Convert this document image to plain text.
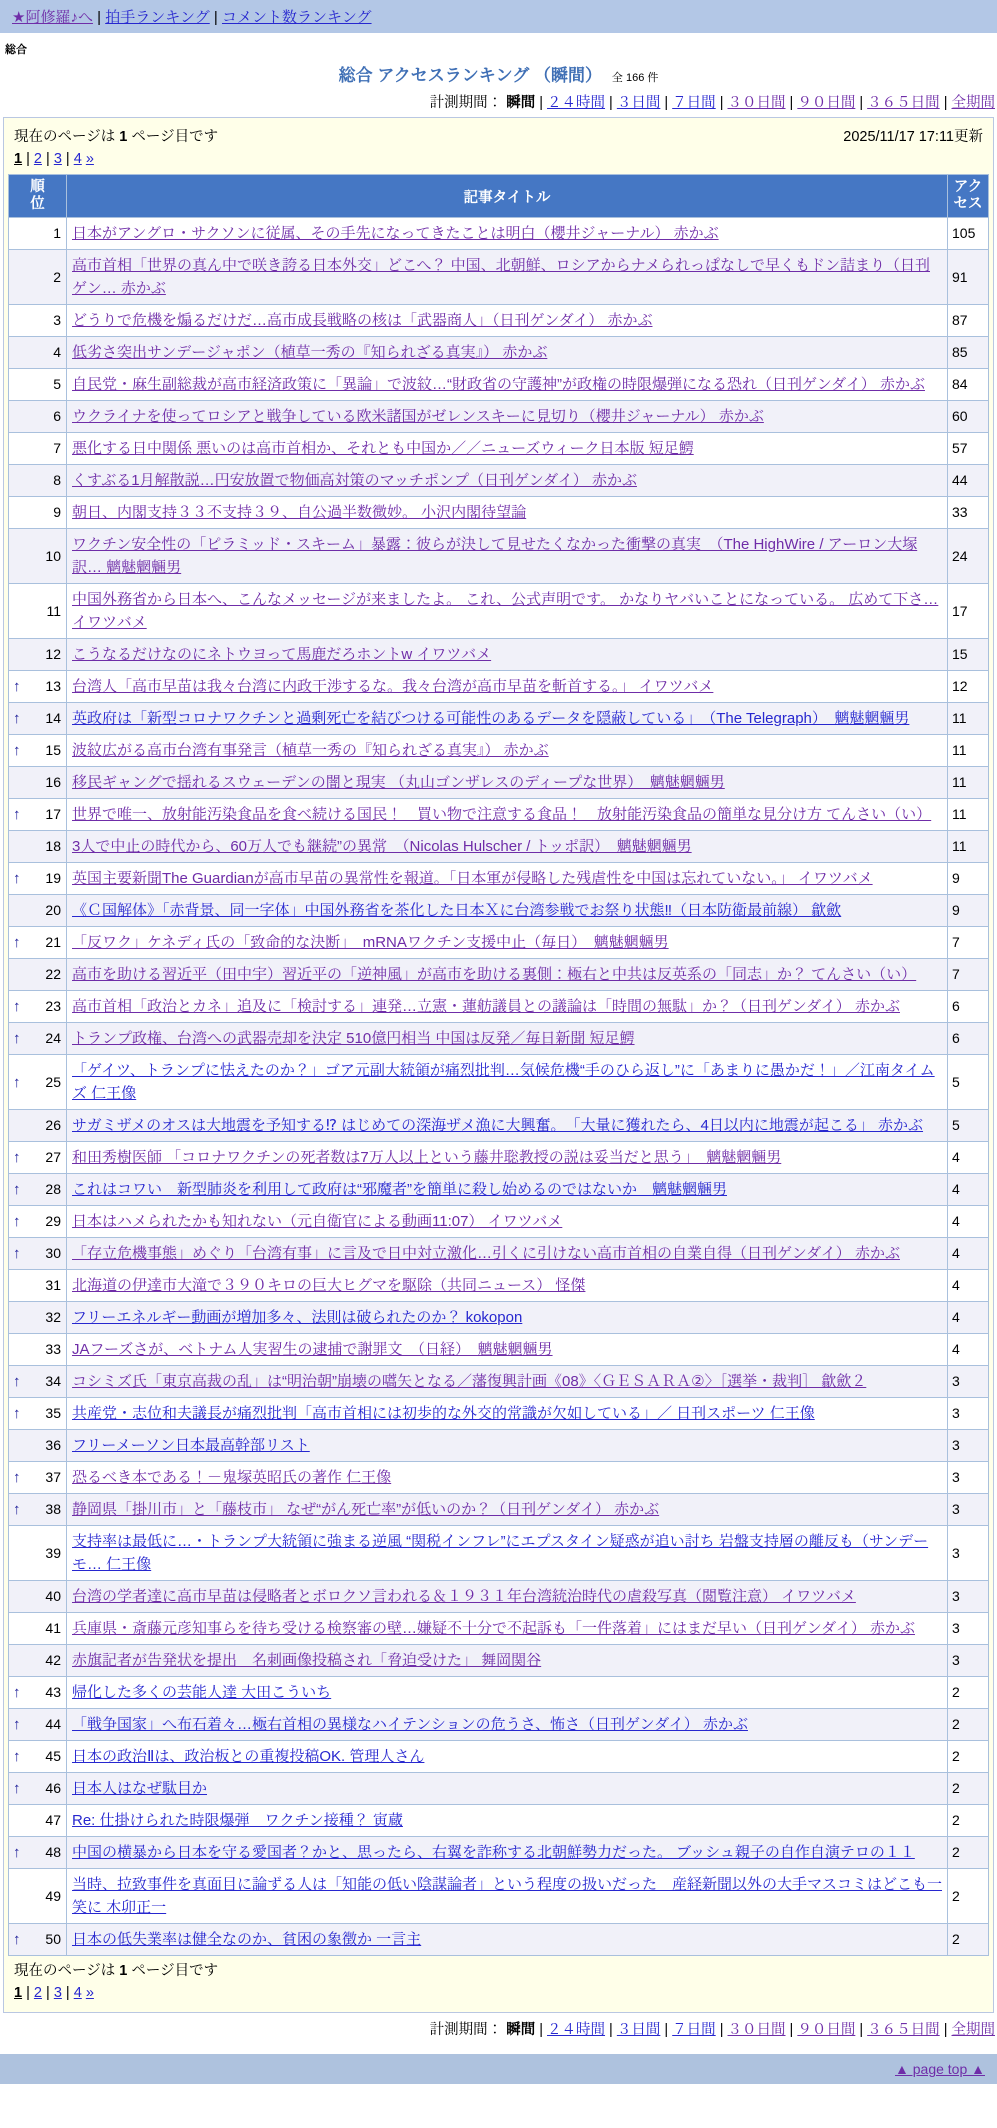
★阿修羅♪へ | 拍手ランキング | コメント数ランキング
総合
総合 アクセスランキング （瞬間） 全 166 件
計測期間： 瞬間 | ２４時間 | ３日間 | ７日間 | ３０日間 | ９０日間 | ３６５日間 | 全期間
現在のページは 1 ページ目です	2025/11/17 17:11更新
1 | 2 | 3 | 4 »
順位	記事タイトル	アクセス
1	日本がアングロ・サクソンに従属、その手先になってきたことは明白（櫻井ジャーナル） 赤かぶ	105
2	高市首相「世界の真ん中で咲き誇る日本外交」どこへ？ 中国、北朝鮮、ロシアからナメられっぱなしで早くもドン詰まり（日刊ゲン… 赤かぶ	91
3	どうりで危機を煽るだけだ…高市成長戦略の核は「武器商人」（日刊ゲンダイ） 赤かぶ	87
4	低劣さ突出サンデージャポン（植草一秀の『知られざる真実』） 赤かぶ	85
5	自民党・麻生副総裁が高市経済政策に「異論」で波紋…“財政省の守護神”が政権の時限爆弾になる恐れ（日刊ゲンダイ） 赤かぶ	84
6	ウクライナを使ってロシアと戦争している欧米諸国がゼレンスキーに見切り（櫻井ジャーナル） 赤かぶ	60
7	悪化する日中関係 悪いのは高市首相か、それとも中国か／／ニューズウィーク日本版 短足鰐	57
8	くすぶる1月解散説…円安放置で物価高対策のマッチポンプ（日刊ゲンダイ） 赤かぶ	44
9	朝日、内閣支持３３不支持３９、自公過半数微妙。 小沢内閣待望論	33
10	ワクチン安全性の「ピラミッド・スキーム」暴露：彼らが決して見せたくなかった衝撃の真実　（The HighWire / アーロン大塚訳… 魑魅魍魎男	24
11	中国外務省から日本へ、こんなメッセージが来ましたよ。 これ、公式声明です。 かなりヤバいことになっている。 広めて下さ… イワツバメ	17
12	こうなるだけなのにネトウヨって馬鹿だろホントw イワツバメ	15

↑ 13	台湾人「高市早苗は我々台湾に内政干渉するな。我々台湾が高市早苗を斬首する。」 イワツバメ	12

↑ 14	英政府は「新型コロナワクチンと過剰死亡を結びつける可能性のあるデータを隠蔽している」　（The Telegraph）　魑魅魍魎男	11

↑ 15	波紋広がる高市台湾有事発言（植草一秀の『知られざる真実』） 赤かぶ	11
16	移民ギャングで揺れるスウェーデンの闇と現実 （丸山ゴンザレスのディープな世界）　魑魅魍魎男	11

↑ 17	世界で唯一、放射能汚染食品を食べ続ける国民！　買い物で注意する食品！　放射能汚染食品の簡単な見分け方 てんさい（い）	11
18	3人で中止の時代から、60万人でも継続”の異常　（Nicolas Hulscher / トッポ訳）　魑魅魍魎男	11

↑ 19	英国主要新聞The Guardianが高市早苗の異常性を報道。「日本軍が侵略した残虐性を中国は忘れていない。」 イワツバメ	9
20	《Ｃ国解体》「赤背景、同一字体」中国外務省を茶化した日本Ｘに台湾参戦でお祭り状態‼（日本防衛最前線） 歙歛	9

↑ 21	「反ワク」ケネディ氏の「致命的な決断」　mRNAワクチン支援中止（毎日）　魑魅魍魎男	7
22	高市を助ける習近平（田中宇）習近平の「逆神風」が高市を助ける裏側：極右と中共は反英系の「同志」か？ てんさい（い）	7

↑ 23	高市首相「政治とカネ」追及に「検討する」連発…立憲・蓮舫議員との議論は「時間の無駄」か？（日刊ゲンダイ） 赤かぶ	6

↑ 24	トランプ政権、台湾への武器売却を決定 510億円相当 中国は反発／毎日新聞 短足鰐	6

↑ 25	「ゲイツ、トランプに怯えたのか？」ゴア元副大統領が痛烈批判…気候危機“手のひら返し”に「あまりに愚かだ！」／江南タイムズ 仁王像	5
26	サガミザメのオスは大地震を予知する⁉ はじめての深海ザメ漁に大興奮。　「大量に獲れたら、4日以内に地震が起こる」 赤かぶ	5

↑ 27	和田秀樹医師 「コロナワクチンの死者数は7万人以上という藤井聡教授の説は妥当だと思う」　魑魅魍魎男	4

↑ 28	これはコワい　新型肺炎を利用して政府は“邪魔者”を簡単に殺し始めるのではないか　魑魅魍魎男	4

↑ 29	日本はハメられたかも知れない（元自衛官による動画11:07） イワツバメ	4

↑ 30	「存立危機事態」めぐり「台湾有事」に言及で日中対立激化…引くに引けない高市首相の自業自得（日刊ゲンダイ） 赤かぶ	4
31	北海道の伊達市大滝で３９０キロの巨大ヒグマを駆除（共同ニュース） 怪傑	4
32	フリーエネルギー動画が増加多々、法則は破られたのか？ kokopon	4
33	JAフーズさが、ベトナム人実習生の逮捕で謝罪文　（日経）　魑魅魍魎男	4

↑ 34	コシミズ氏「東京高裁の乱」は“明治朝”崩壊の嚆矢となる／藩復興計画《08》〈ＧＥＳＡＲＡ②〉［選挙・裁判］ 歙歛２	3

↑ 35	共産党・志位和夫議長が痛烈批判「高市首相には初歩的な外交的常識が欠如している」／ 日刊スポーツ 仁王像	3
36	フリーメーソン日本最高幹部リスト	3

↑ 37	恐るべき本である！－鬼塚英昭氏の著作 仁王像	3

↑ 38	静岡県「掛川市」と「藤枝市」 なぜ“がん死亡率”が低いのか？（日刊ゲンダイ） 赤かぶ	3
39	支持率は最低に…・トランプ大統領に強まる逆風 “関税インフレ”にエプスタイン疑惑が追い討ち 岩盤支持層の離反も（サンデーモ… 仁王像	3
40	台湾の学者達に高市早苗は侵略者とボロクソ言われる＆１９３１年台湾統治時代の虐殺写真（閲覧注意） イワツバメ	3
41	兵庫県・斎藤元彦知事らを待ち受ける検察審の壁…嫌疑不十分で不起訴も「一件落着」にはまだ早い（日刊ゲンダイ） 赤かぶ	3
42	赤旗記者が告発状を提出　名刺画像投稿され「脅迫受けた」 舞岡関谷	3

↑ 43	帰化した多くの芸能人達 大田こういち	2

↑ 44	「戦争国家」へ布石着々…極右首相の異様なハイテンションの危うさ、怖さ（日刊ゲンダイ） 赤かぶ	2

↑ 45	日本の政治Ⅱは、政治板との重複投稿OK. 管理人さん	2

↑ 46	日本人はなぜ駄目か	2
47	Re: 仕掛けられた時限爆弾　ワクチン接種？ 寅蔵	2

↑ 48	中国の横暴から日本を守る愛国者？かと、思ったら、右翼を詐称する北朝鮮勢力だった。 ブッシュ親子の自作自演テロの１１	2
49	当時、拉致事件を真面目に論ずる人は「知能の低い陰謀論者」という程度の扱いだった　産経新聞以外の大手マスコミはどこも一笑に 木卯正一	2

↑ 50	日本の低失業率は健全なのか、貧困の象徴か 一言主	2
現在のページは 1 ページ目です
1 | 2 | 3 | 4 »
計測期間： 瞬間 | ２４時間 | ３日間 | ７日間 | ３０日間 | ９０日間 | ３６５日間 | 全期間
▲ page top ▲
